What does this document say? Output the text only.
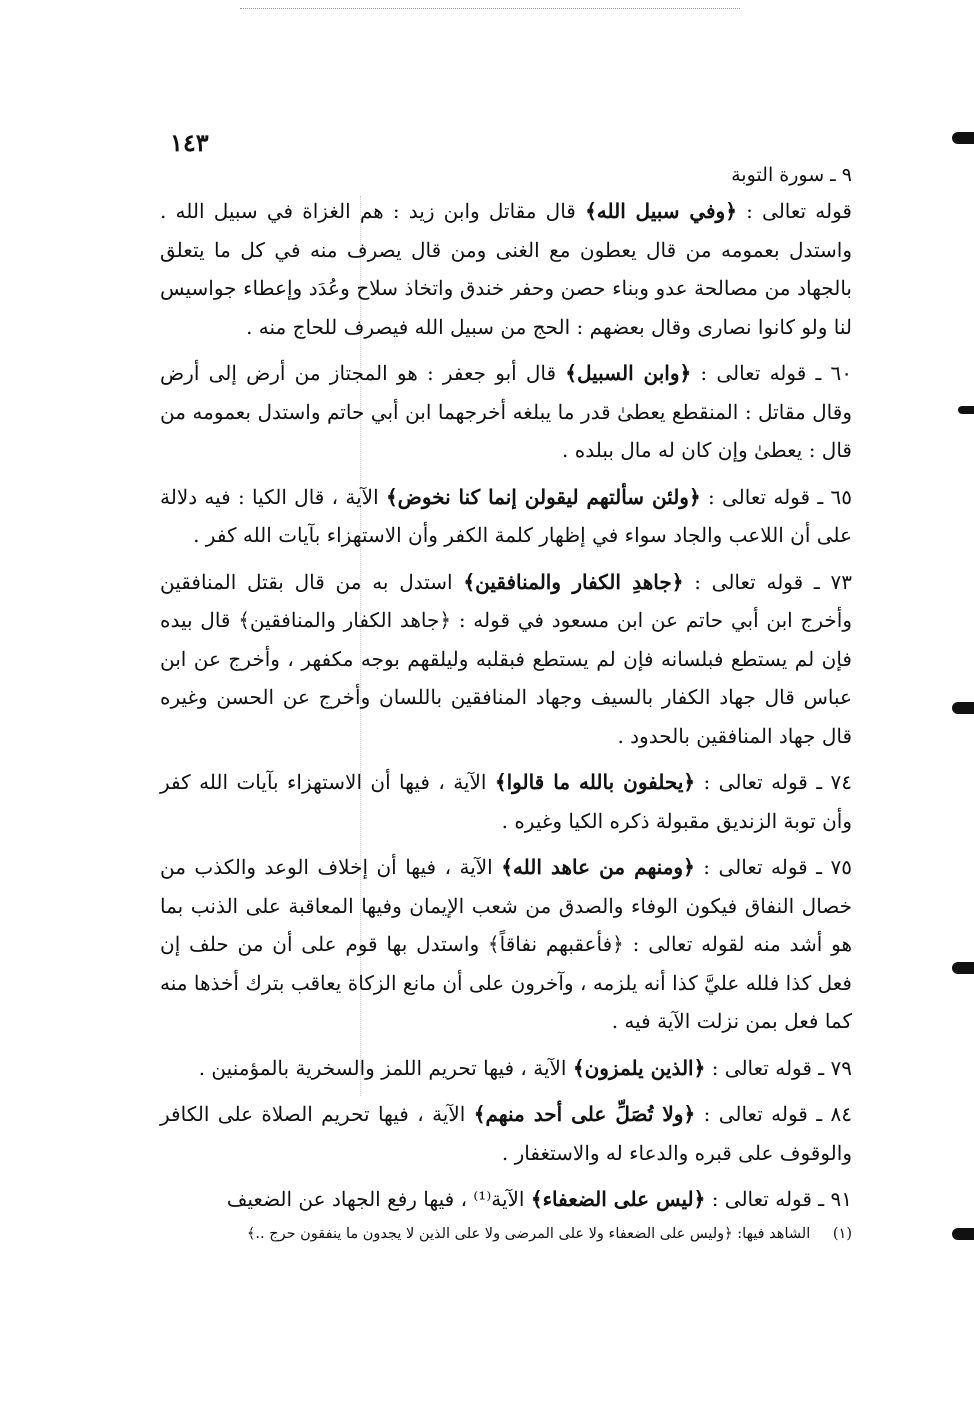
١٤٣
٩ ـ سورة التوبة

قوله تعالى : ﴿وفي سبيل الله﴾ قال مقاتل وابن زيد : هم الغزاة في سبيل الله . واستدل بعمومه من قال يعطون مع الغنى ومن قال يصرف منه في كل ما يتعلق بالجهاد من مصالحة عدو وبناء حصن وحفر خندق واتخاذ سلاح وعُدَد وإعطاء جواسيس لنا ولو كانوا نصارى وقال بعضهم : الحج من سبيل الله فيصرف للحاج منه .

٦٠ ـ قوله تعالى : ﴿وابن السبيل﴾ قال أبو جعفر : هو المجتاز من أرض إلى أرض وقال مقاتل : المنقطع يعطىٰ قدر ما يبلغه أخرجهما ابن أبي حاتم واستدل بعمومه من قال : يعطىٰ وإن كان له مال ببلده .

٦٥ ـ قوله تعالى : ﴿ولئن سألتهم ليقولن إنما كنا نخوض﴾ الآية ، قال الكيا : فيه دلالة على أن اللاعب والجاد سواء في إظهار كلمة الكفر وأن الاستهزاء بآيات الله كفر .

٧٣ ـ قوله تعالى : ﴿جاهدِ الكفار والمنافقين﴾ استدل به من قال بقتل المنافقين وأخرج ابن أبي حاتم عن ابن مسعود في قوله : ﴿جاهد الكفار والمنافقين﴾ قال بيده فإن لم يستطع فبلسانه فإن لم يستطع فبقلبه وليلقهم بوجه مكفهر ، وأخرج عن ابن عباس قال جهاد الكفار بالسيف وجهاد المنافقين باللسان وأخرج عن الحسن وغيره قال جهاد المنافقين بالحدود .

٧٤ ـ قوله تعالى : ﴿يحلفون بالله ما قالوا﴾ الآية ، فيها أن الاستهزاء بآيات الله كفر وأن توبة الزنديق مقبولة ذكره الكيا وغيره .

٧٥ ـ قوله تعالى : ﴿ومنهم من عاهد الله﴾ الآية ، فيها أن إخلاف الوعد والكذب من خصال النفاق فيكون الوفاء والصدق من شعب الإيمان وفيها المعاقبة على الذنب بما هو أشد منه لقوله تعالى : ﴿فأعقبهم نفاقاً﴾ واستدل بها قوم على أن من حلف إن فعل كذا فلله عليَّ كذا أنه يلزمه ، وآخرون على أن مانع الزكاة يعاقب بترك أخذها منه كما فعل بمن نزلت الآية فيه .

٧٩ ـ قوله تعالى : ﴿الذين يلمزون﴾ الآية ، فيها تحريم اللمز والسخرية بالمؤمنين .

٨٤ ـ قوله تعالى : ﴿ولا تُصَلِّ على أحد منهم﴾ الآية ، فيها تحريم الصلاة على الكافر والوقوف على قبره والدعاء له والاستغفار .

٩١ ـ قوله تعالى : ﴿ليس على الضعفاء﴾ الآية⁽¹⁾ ، فيها رفع الجهاد عن الضعيف

(١) الشاهد فيها: ﴿وليس على الضعفاء ولا على المرضى ولا على الذين لا يجدون ما ينفقون حرج ..﴾
